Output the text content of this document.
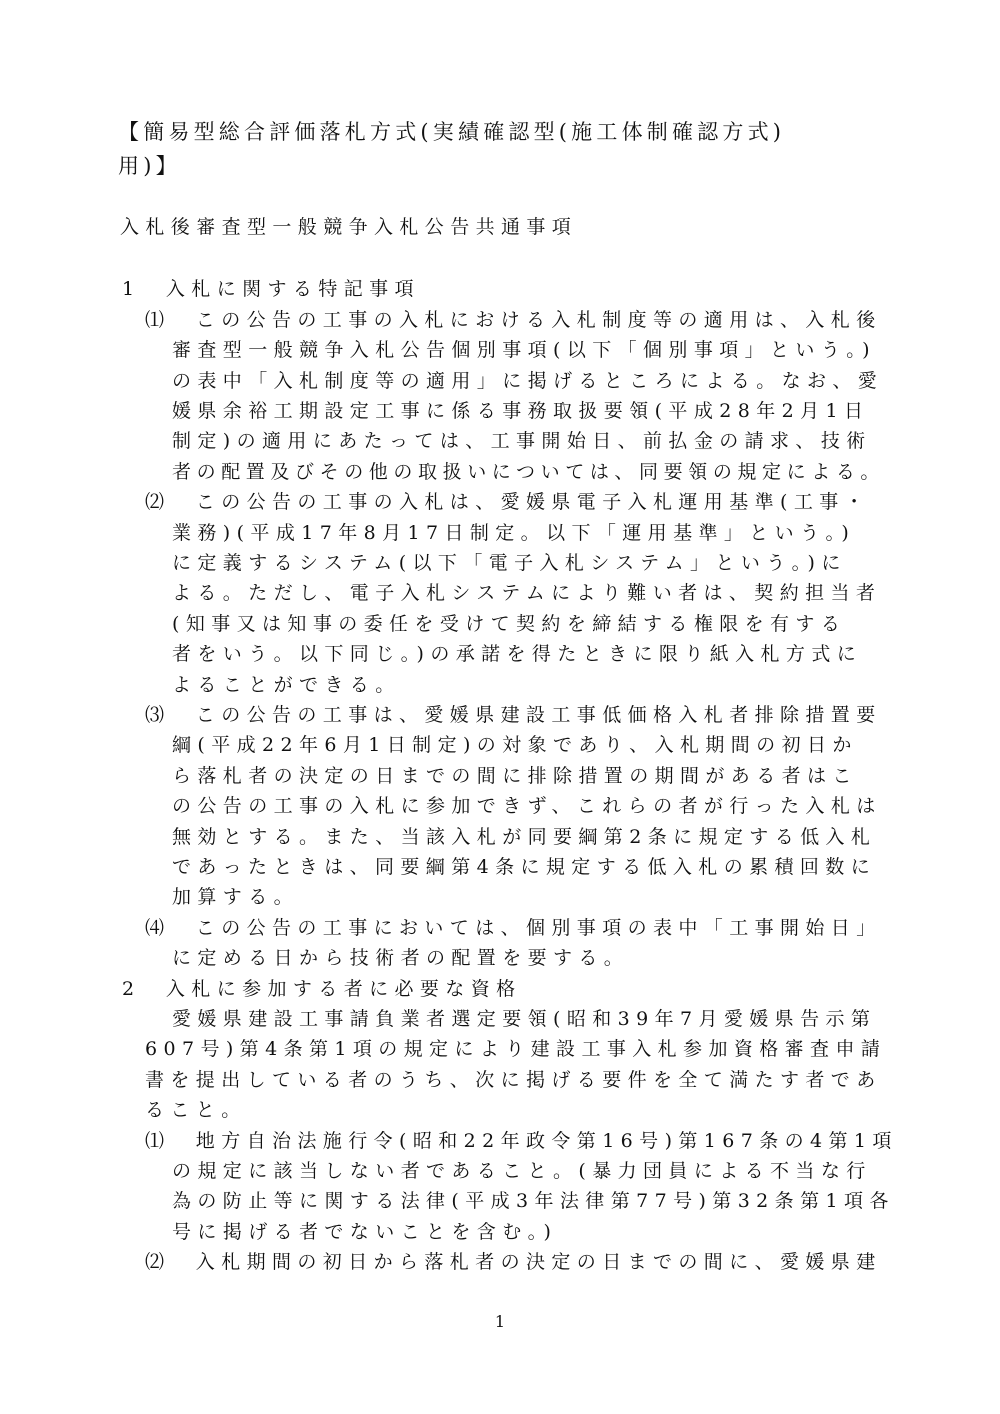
【簡易型総合評価落札方式(実績確認型(施工体制確認方式)
用)】
入札後審査型一般競争入札公告共通事項
1　入札に関する特記事項
⑴　この公告の工事の入札における入札制度等の適用は、入札後
審査型一般競争入札公告個別事項(以下「個別事項」という。)
の表中「入札制度等の適用」に掲げるところによる。なお、愛
媛県余裕工期設定工事に係る事務取扱要領(平成28年2月1日
制定)の適用にあたっては、工事開始日、前払金の請求、技術
者の配置及びその他の取扱いについては、同要領の規定による。
⑵　この公告の工事の入札は、愛媛県電子入札運用基準(工事・
業務)(平成17年8月17日制定。以下「運用基準」という。)
に定義するシステム(以下「電子入札システム」という。)に
よる。ただし、電子入札システムにより難い者は、契約担当者
(知事又は知事の委任を受けて契約を締結する権限を有する
者をいう。以下同じ。)の承諾を得たときに限り紙入札方式に
よることができる。
⑶　この公告の工事は、愛媛県建設工事低価格入札者排除措置要
綱(平成22年6月1日制定)の対象であり、入札期間の初日か
ら落札者の決定の日までの間に排除措置の期間がある者はこ
の公告の工事の入札に参加できず、これらの者が行った入札は
無効とする。また、当該入札が同要綱第2条に規定する低入札
であったときは、同要綱第4条に規定する低入札の累積回数に
加算する。
⑷　この公告の工事においては、個別事項の表中「工事開始日」
に定める日から技術者の配置を要する。
2　入札に参加する者に必要な資格
愛媛県建設工事請負業者選定要領(昭和39年7月愛媛県告示第
607号)第4条第1項の規定により建設工事入札参加資格審査申請
書を提出している者のうち、次に掲げる要件を全て満たす者であ
ること。
⑴　地方自治法施行令(昭和22年政令第16号)第167条の4第1項
の規定に該当しない者であること。(暴力団員による不当な行
為の防止等に関する法律(平成3年法律第77号)第32条第1項各
号に掲げる者でないことを含む。)
⑵　入札期間の初日から落札者の決定の日までの間に、愛媛県建
1
